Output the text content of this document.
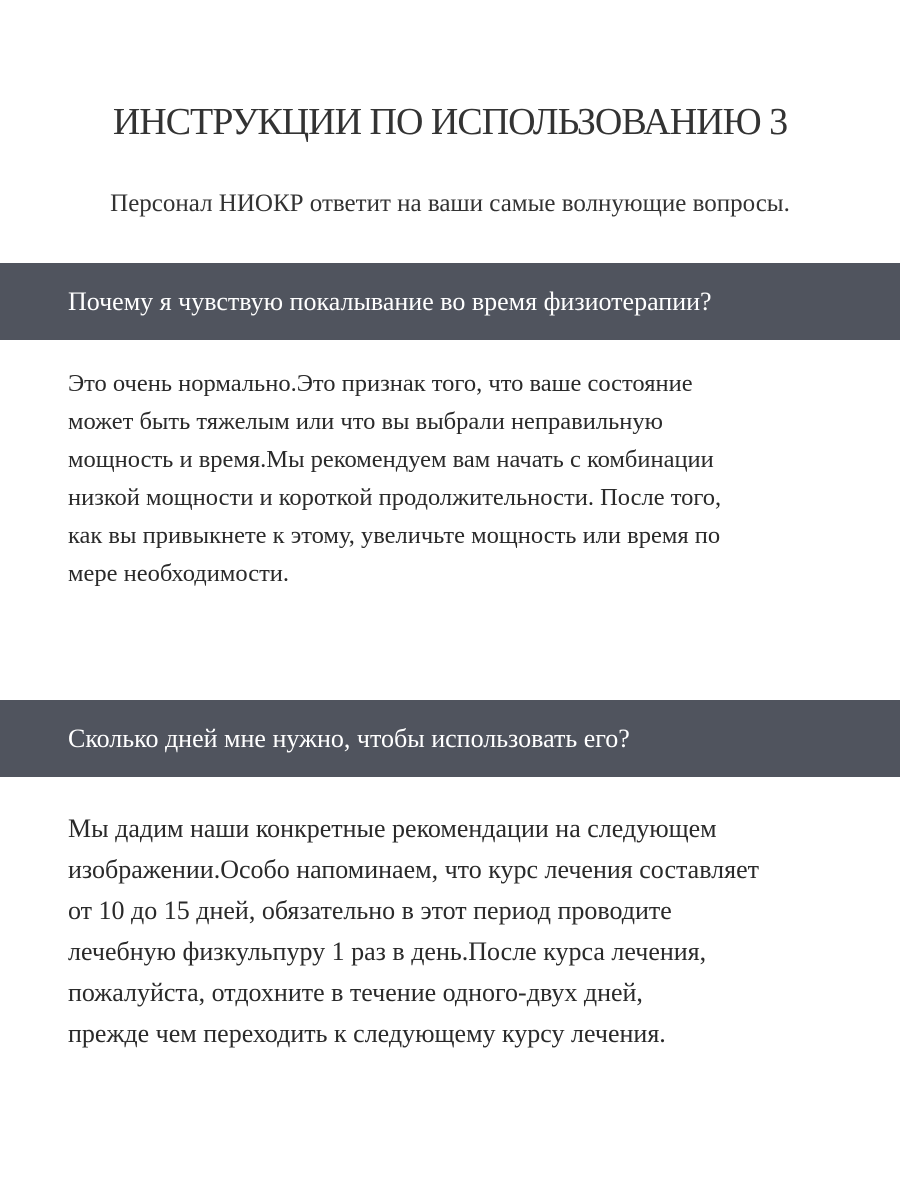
ИНСТРУКЦИИ ПО ИСПОЛЬЗОВАНИЮ 3
Персонал НИОКР ответит на ваши самые волнующие вопросы.
Почему я чувствую покалывание во время физиотерапии?
Это очень нормально.Это признак того, что ваше состояние
может быть тяжелым или что вы выбрали неправильную
мощность и время.Мы рекомендуем вам начать с комбинации
низкой мощности и короткой продолжительности. После того,
как вы привыкнете к этому, увеличьте мощность или время по
мере необходимости.
Сколько дней мне нужно, чтобы использовать его?
Мы дадим наши конкретные рекомендации на следующем
изображении.Особо напоминаем, что курс лечения составляет
от 10 до 15 дней, обязательно в этот период проводите
лечебную физкульпуру 1 раз в день.После курса лечения,
пожалуйста, отдохните в течение одного-двух дней,
прежде чем переходить к следующему курсу лечения.
